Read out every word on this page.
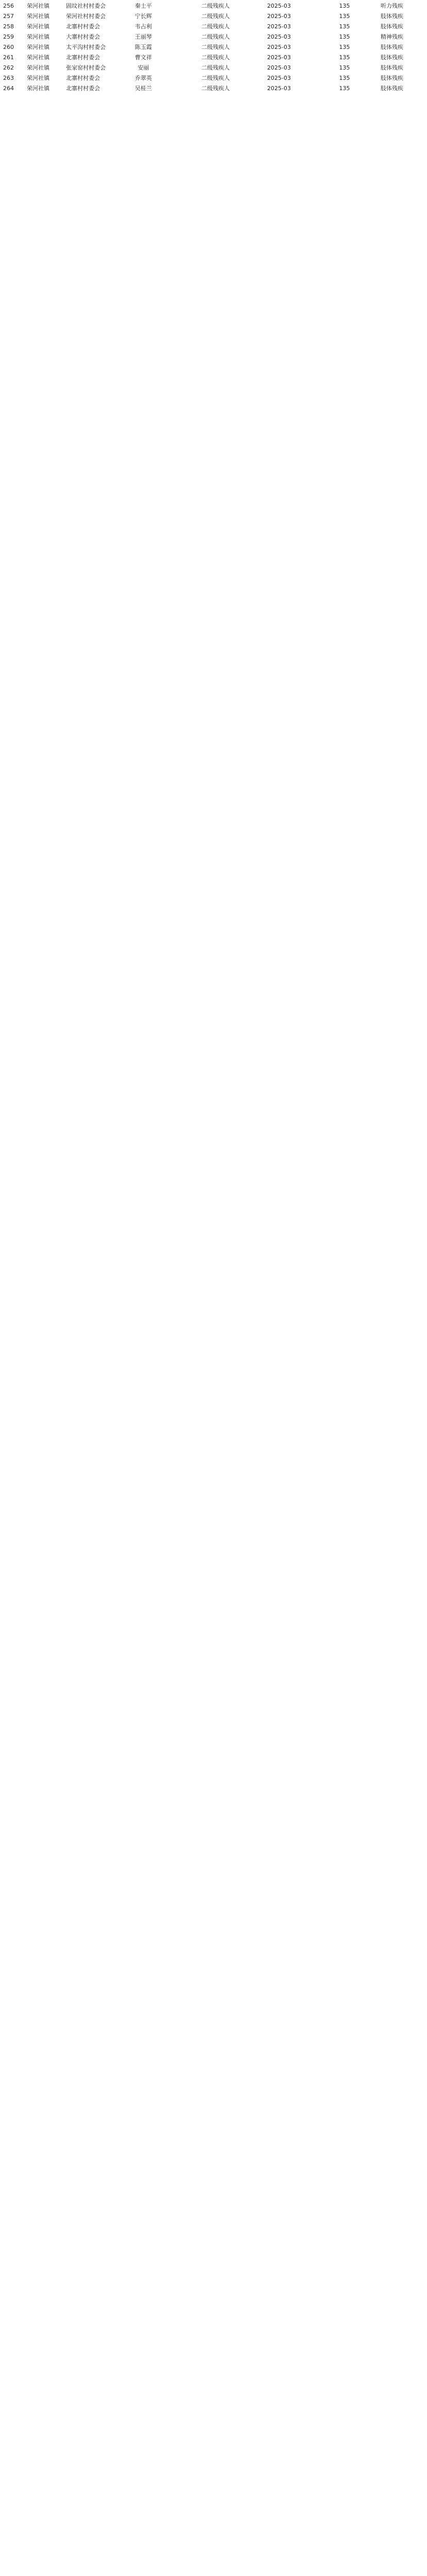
256	荣河社镇	固坟社村村委会	秦士平	二级残疾人	2025-03	135	听力残疾
257	荣河社镇	荣河社村村委会	宁长辉	二级残疾人	2025-03	135	肢体残疾
258	荣河社镇	北寨村村委会	韦占利	二级残疾人	2025-03	135	肢体残疾
259	荣河社镇	大寨村村委会	王丽琴	二级残疾人	2025-03	135	精神残疾
260	荣河社镇	太平沟村村委会	陈玉霞	二级残疾人	2025-03	135	肢体残疾
261	荣河社镇	北寨村村委会	曹文祥	二级残疾人	2025-03	135	肢体残疾
262	荣河社镇	张家窑村村委会	安丽	二级残疾人	2025-03	135	肢体残疾
263	荣河社镇	北寨村村委会	乔翠英	二级残疾人	2025-03	135	肢体残疾
264	荣河社镇	北寨村村委会	吴桂兰	二级残疾人	2025-03	135	肢体残疾
